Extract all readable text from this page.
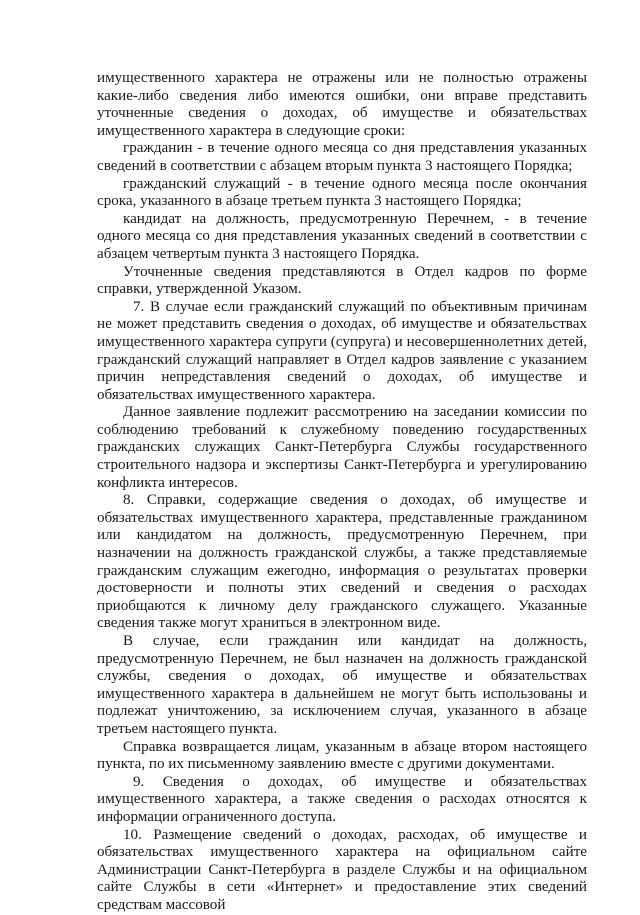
имущественного характера не отражены или не полностью отражены какие-либо сведения либо имеются ошибки, они вправе представить уточненные сведения о доходах, об имуществе и обязательствах имущественного характера в следующие сроки:

гражданин - в течение одного месяца со дня представления указанных сведений в соответствии с абзацем вторым пункта 3 настоящего Порядка;

гражданский служащий - в течение одного месяца после окончания срока, указанного в абзаце третьем пункта 3 настоящего Порядка;

кандидат на должность, предусмотренную Перечнем, - в течение одного месяца со дня представления указанных сведений в соответствии с абзацем четвертым пункта 3 настоящего Порядка.

Уточненные сведения представляются в Отдел кадров по форме справки, утвержденной Указом.

7. В случае если гражданский служащий по объективным причинам не может представить сведения о доходах, об имуществе и обязательствах имущественного характера супруги (супруга) и несовершеннолетних детей, гражданский служащий направляет в Отдел кадров заявление с указанием причин непредставления сведений о доходах, об имуществе и обязательствах имущественного характера.

Данное заявление подлежит рассмотрению на заседании комиссии по соблюдению требований к служебному поведению государственных гражданских служащих Санкт-Петербурга Службы государственного строительного надзора и экспертизы Санкт-Петербурга и урегулированию конфликта интересов.

8. Справки, содержащие сведения о доходах, об имуществе и обязательствах имущественного характера, представленные гражданином или кандидатом на должность, предусмотренную Перечнем, при назначении на должность гражданской службы, а также представляемые гражданским служащим ежегодно, информация о результатах проверки достоверности и полноты этих сведений и сведения о расходах приобщаются к личному делу гражданского служащего. Указанные сведения также могут храниться в электронном виде.

В случае, если гражданин или кандидат на должность, предусмотренную Перечнем, не был назначен на должность гражданской службы, сведения о доходах, об имуществе и обязательствах имущественного характера в дальнейшем не могут быть использованы и подлежат уничтожению, за исключением случая, указанного в абзаце третьем настоящего пункта.

Справка возвращается лицам, указанным в абзаце втором настоящего пункта, по их письменному заявлению вместе с другими документами.

9. Сведения о доходах, об имуществе и обязательствах имущественного характера, а также сведения о расходах относятся к информации ограниченного доступа.

10. Размещение сведений о доходах, расходах, об имуществе и обязательствах имущественного характера на официальном сайте Администрации Санкт-Петербурга в разделе Службы и на официальном сайте Службы в сети «Интернет» и предоставление этих сведений средствам массовой
